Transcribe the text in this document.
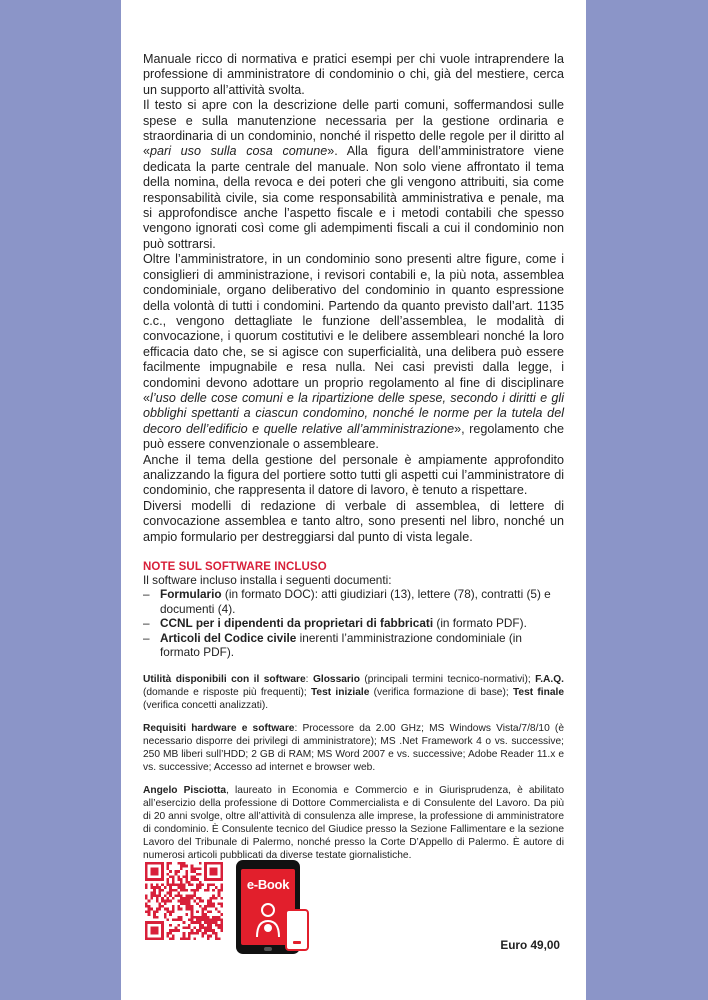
Manuale ricco di normativa e pratici esempi per chi vuole intraprendere la professione di amministratore di condominio o chi, già del mestiere, cerca un supporto all’attività svolta.

Il testo si apre con la descrizione delle parti comuni, soffermandosi sulle spese e sulla manutenzione necessaria per la gestione ordinaria e straordinaria di un condominio, nonché il rispetto delle regole per il diritto al «pari uso sulla cosa comune». Alla figura dell’amministratore viene dedicata la parte centrale del manuale. Non solo viene affrontato il tema della nomina, della revoca e dei poteri che gli vengono attribuiti, sia come responsabilità civile, sia come responsabilità amministrativa e penale, ma si approfondisce anche l’aspetto fiscale e i metodi contabili che spesso vengono ignorati così come gli adempimenti fiscali a cui il condominio non può sottrarsi.

Oltre l’amministratore, in un condominio sono presenti altre figure, come i consiglieri di amministrazione, i revisori contabili e, la più nota, assemblea condominiale, organo deliberativo del condominio in quanto espressione della volontà di tutti i condomini. Partendo da quanto previsto dall’art. 1135 c.c., vengono dettagliate le funzione dell’assemblea, le modalità di convocazione, i quorum costitutivi e le delibere assembleari nonché la loro efficacia dato che, se si agisce con superficialità, una delibera può essere facilmente impugnabile e resa nulla. Nei casi previsti dalla legge, i condomini devono adottare un proprio regolamento al fine di disciplinare «l’uso delle cose comuni e la ripartizione delle spese, secondo i diritti e gli obblighi spettanti a ciascun condomino, nonché le norme per la tutela del decoro dell’edificio e quelle relative all’amministrazione», regolamento che può essere convenzionale o assembleare.

Anche il tema della gestione del personale è ampiamente approfondito analizzando la figura del portiere sotto tutti gli aspetti cui l’amministratore di condominio, che rappresenta il datore di lavoro, è tenuto a rispettare.

Diversi modelli di redazione di verbale di assemblea, di lettere di convocazione assemblea e tanto altro, sono presenti nel libro, nonché un ampio formulario per destreggiarsi dal punto di vista legale.

NOTE SUL SOFTWARE INCLUSO

Il software incluso installa i seguenti documenti:

– Formulario (in formato DOC): atti giudiziari (13), lettere (78), contratti (5) e documenti (4).
– CCNL per i dipendenti da proprietari di fabbricati (in formato PDF).
– Articoli del Codice civile inerenti l’amministrazione condominiale (in formato PDF).

Utilità disponibili con il software: Glossario (principali termini tecnico-normativi); F.A.Q. (domande e risposte più frequenti); Test iniziale (verifica formazione di base); Test finale (verifica concetti analizzati).

Requisiti hardware e software: Processore da 2.00 GHz; MS Windows Vista/7/8/10 (è necessario disporre dei privilegi di amministratore); MS .Net Framework 4 o vs. successive; 250 MB liberi sull’HDD; 2 GB di RAM; MS Word 2007 e vs. successive; Adobe Reader 11.x e vs. successive; Accesso ad internet e browser web.

Angelo Pisciotta, laureato in Economia e Commercio e in Giurisprudenza, è abilitato all’esercizio della professione di Dottore Commercialista e di Consulente del Lavoro. Da più di 20 anni svolge, oltre all’attività di consulenza alle imprese, la professione di amministratore di condominio. È Consulente tecnico del Giudice presso la Sezione Fallimentare e la sezione Lavoro del Tribunale di Palermo, nonché presso la Corte D’Appello di Palermo. È autore di numerosi articoli pubblicati da diverse testate giornalistiche.

e-Book
Euro 49,00
